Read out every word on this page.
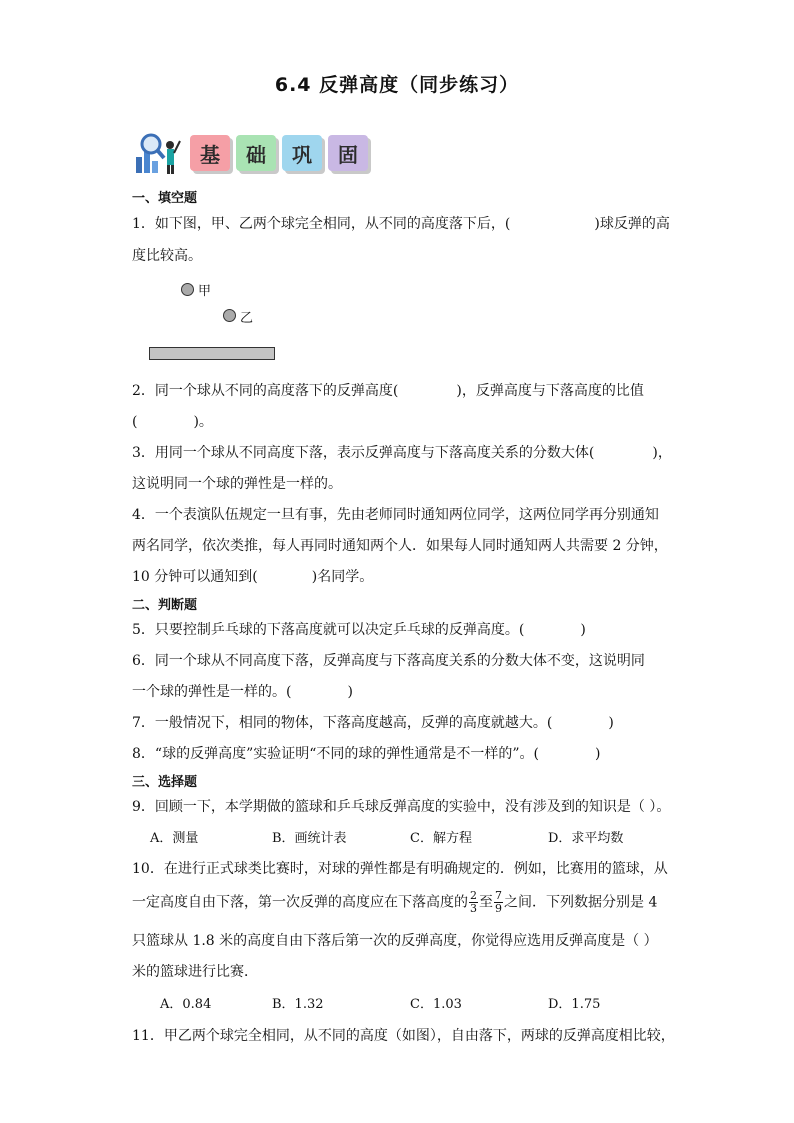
6.4 反弹高度（同步练习）
基	础	巩	固
一、填空题
1．如下图，甲、乙两个球完全相同，从不同的高度落下后，(	)球反弹的高
度比较高。
甲
乙
2．同一个球从不同的高度落下的反弹高度(	)，反弹高度与下落高度的比值
(	)。
3．用同一个球从不同高度下落，表示反弹高度与下落高度关系的分数大体(	)，
这说明同一个球的弹性是一样的。
4．一个表演队伍规定一旦有事，先由老师同时通知两位同学，这两位同学再分别通知
两名同学，依次类推，每人再同时通知两个人．如果每人同时通知两人共需要 2 分钟，
10 分钟可以通知到(	)名同学。
二、判断题
5．只要控制乒乓球的下落高度就可以决定乒乓球的反弹高度。(	)
6．同一个球从不同高度下落，反弹高度与下落高度关系的分数大体不变，这说明同
一个球的弹性是一样的。(	)
7．一般情况下，相同的物体，下落高度越高，反弹的高度就越大。(	)
8．“球的反弹高度”实验证明“不同的球的弹性通常是不一样的”。(	)
三、选择题
9．回顾一下，本学期做的篮球和乒乓球反弹高度的实验中，没有涉及到的知识是（ ）。
A．测量	B．画统计表	C．解方程	D．求平均数
10．在进行正式球类比赛时，对球的弹性都是有明确规定的．例如，比赛用的篮球，从
一定高度自由下落，第一次反弹的高度应在下落高度的 $\frac{2}{3}$ 至 $\frac{7}{9}$ 之间．下列数据分别是 4
只篮球从 1.8 米的高度自由下落后第一次的反弹高度，你觉得应选用反弹高度是（ ）
米的篮球进行比赛．
A．0.84	B．1.32	C．1.03	D．1.75
11．甲乙两个球完全相同，从不同的高度（如图），自由落下，两球的反弹高度相比较，
